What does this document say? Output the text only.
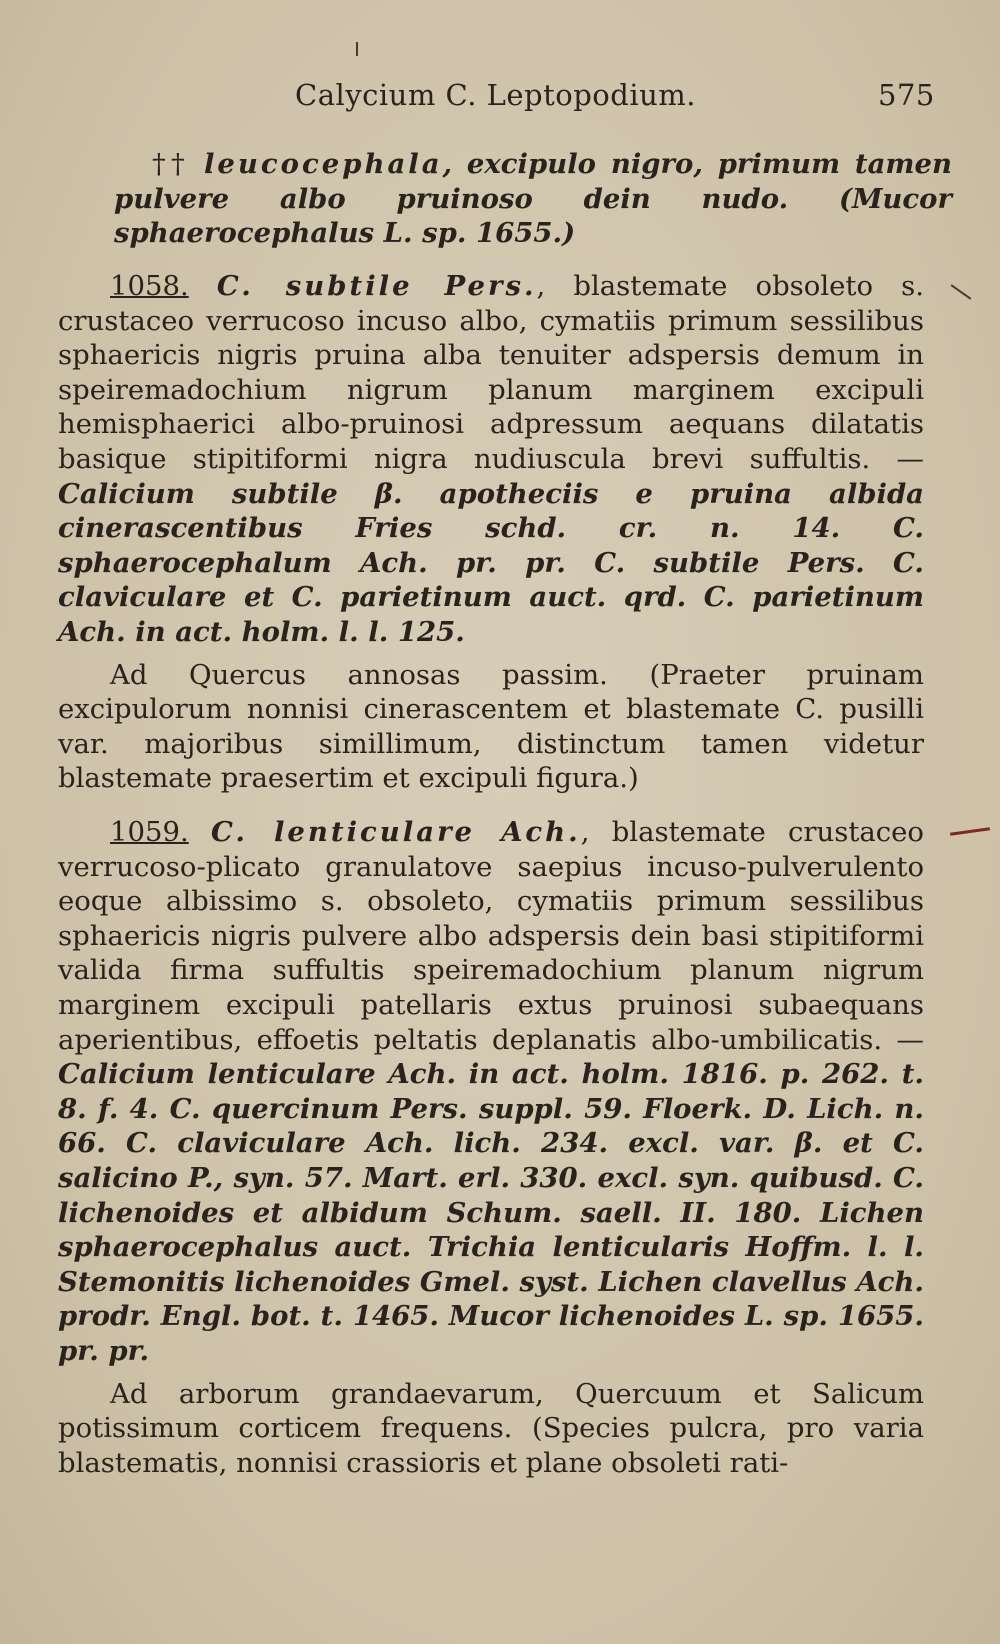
Calycium C. Leptopodium.	575
†† leucocephala, excipulo nigro, primum tamen pulvere albo pruinoso dein nudo. (Mucor sphaerocephalus L. sp. 1655.)
1058. C. subtile Pers., blastemate obsoleto s. crustaceo verrucoso incuso albo, cymatiis primum sessilibus sphaericis nigris pruina alba tenuiter adspersis demum in speiremadochium nigrum planum marginem excipuli hemisphaerici albo-pruinosi adpressum aequans dilatatis basique stipitiformi nigra nudiuscula brevi suffultis. — Calicium subtile β. apotheciis e pruina albida cinerascentibus Fries schd. cr. n. 14. C. sphaerocephalum Ach. pr. pr. C. subtile Pers. C. claviculare et C. parietinum auct. qrd. C. parietinum Ach. in act. holm. l. l. 125.
Ad Quercus annosas passim. (Praeter pruinam excipulorum nonnisi cinerascentem et blastemate C. pusilli var. majoribus simillimum, distinctum tamen videtur blastemate praesertim et excipuli figura.)
1059. C. lenticulare Ach., blastemate crustaceo verrucoso-plicato granulatove saepius incuso-pulverulento eoque albissimo s. obsoleto, cymatiis primum sessilibus sphaericis nigris pulvere albo adspersis dein basi stipitiformi valida firma suffultis speiremadochium planum nigrum marginem excipuli patellaris extus pruinosi subaequans aperientibus, effoetis peltatis deplanatis albo-umbilicatis. — Calicium lenticulare Ach. in act. holm. 1816. p. 262. t. 8. f. 4. C. quercinum Pers. suppl. 59. Floerk. D. Lich. n. 66. C. claviculare Ach. lich. 234. excl. var. β. et C. salicino P., syn. 57. Mart. erl. 330. excl. syn. quibusd. C. lichenoides et albidum Schum. saell. II. 180. Lichen sphaerocephalus auct. Trichia lenticularis Hoffm. l. l. Stemonitis lichenoides Gmel. syst. Lichen clavellus Ach. prodr. Engl. bot. t. 1465. Mucor lichenoides L. sp. 1655. pr. pr.
Ad arborum grandaevarum, Quercuum et Salicum potissimum corticem frequens. (Species pulcra, pro varia blastematis, nonnisi crassioris et plane obsoleti rati-
